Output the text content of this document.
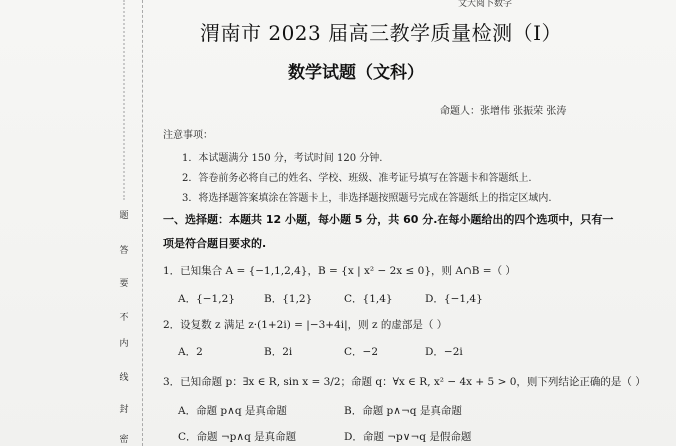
文大阅卜数字
题
答
要
不
内
线
封
密
渭南市 2023 届高三教学质量检测（Ⅰ）
数学试题（文科）
命题人：张增伟 张振荣 张涛
注意事项：
1．本试题满分 150 分，考试时间 120 分钟.
2．答卷前务必将自己的姓名、学校、班级、准考证号填写在答题卡和答题纸上.
3．将选择题答案填涂在答题卡上，非选择题按照题号完成在答题纸上的指定区域内.
一、选择题：本题共 12 小题，每小题 5 分，共 60 分.在每小题给出的四个选项中，只有一
项是符合题目要求的.
1．已知集合 A = {−1,1,2,4}，B = {x | x² − 2x ≤ 0}，则 A∩B =（ ）
A．{−1,2}	B．{1,2}	C．{1,4}	D．{−1,4}
2．设复数 z 满足 z·(1+2i) = |−3+4i|，则 z 的虚部是（ ）
A．2	B．2i	C．−2	D．−2i
3．已知命题 p：∃x ∈ R, sin x = 3/2；命题 q：∀x ∈ R, x² − 4x + 5 > 0，则下列结论正确的是（ ）
A．命题 p∧q 是真命题	B．命题 p∧¬q 是真命题
C．命题 ¬p∧q 是真命题	D．命题 ¬p∨¬q 是假命题
